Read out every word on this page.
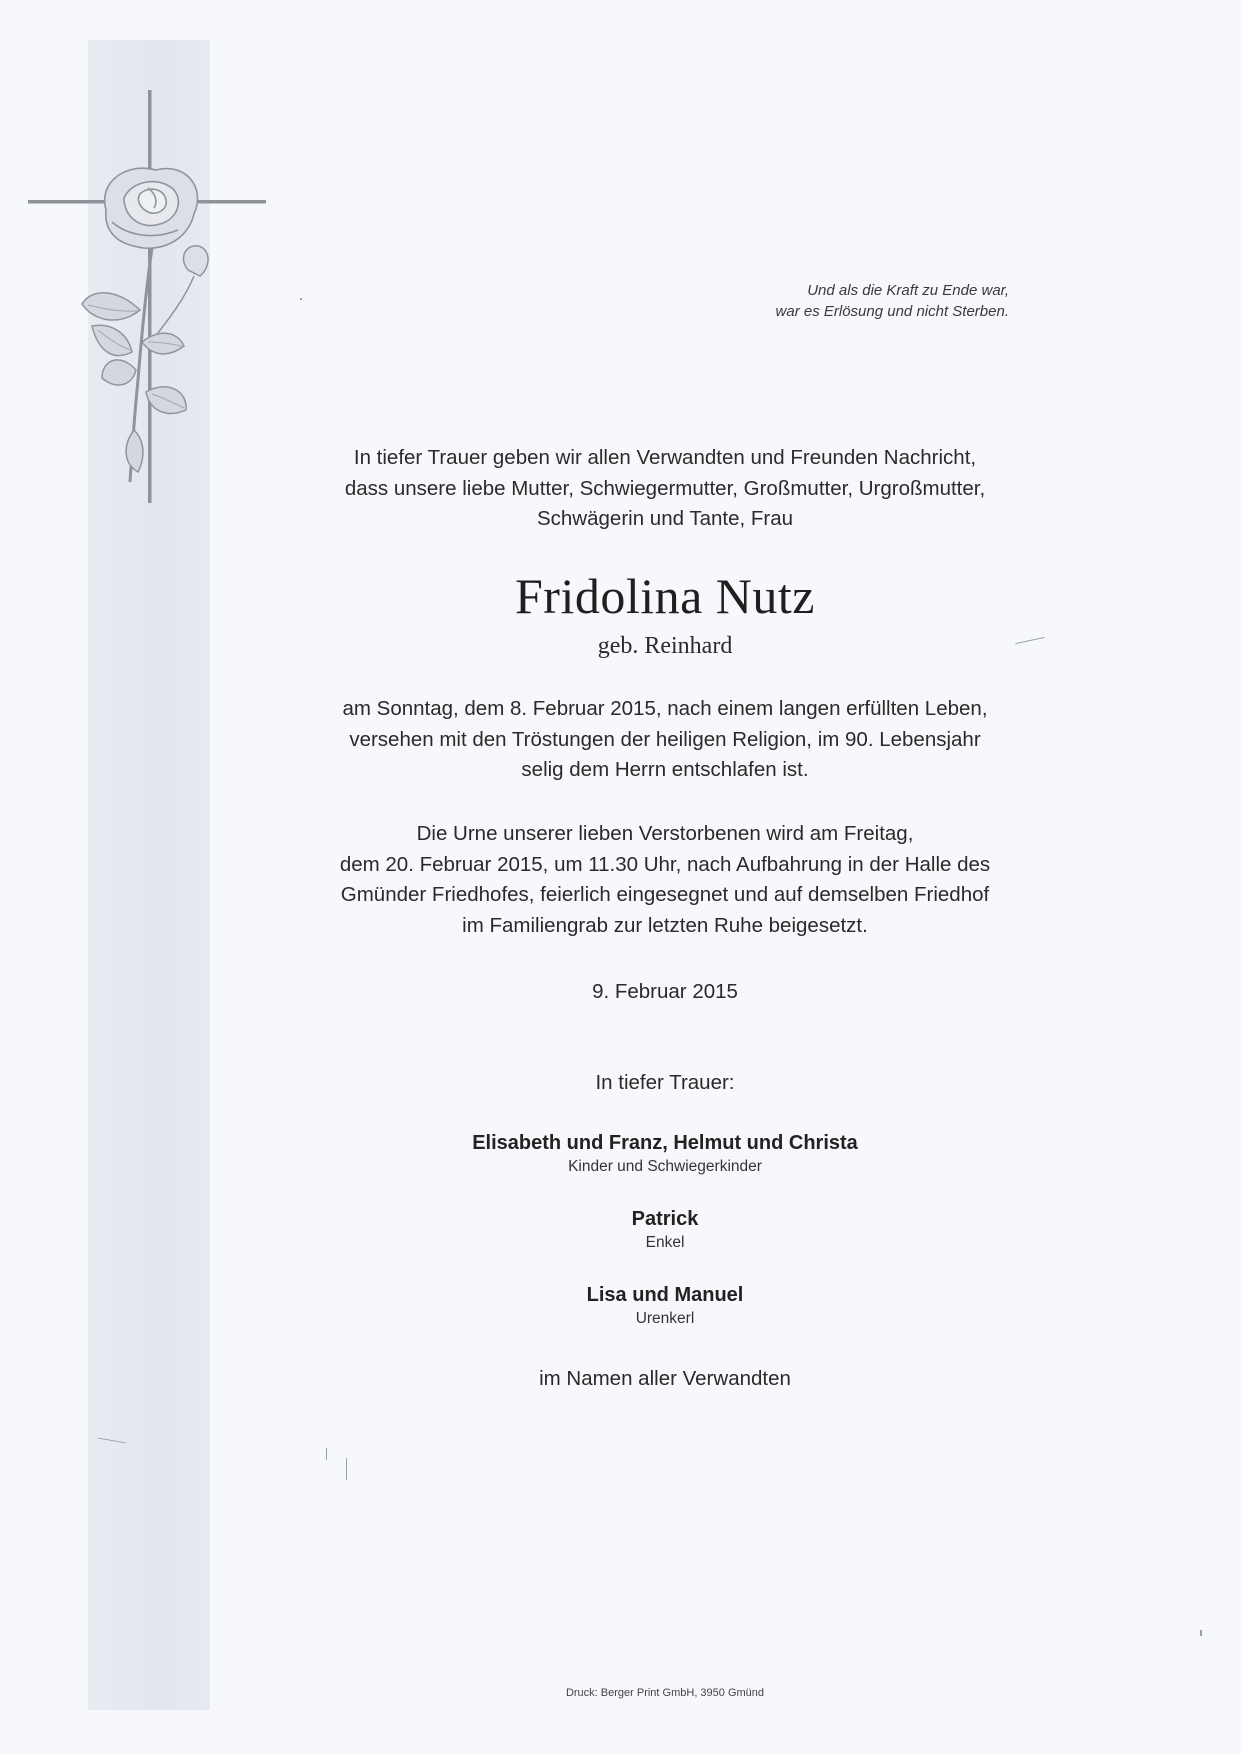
Und als die Kraft zu Ende war,
war es Erlösung und nicht Sterben.
In tiefer Trauer geben wir allen Verwandten und Freunden Nachricht,
dass unsere liebe Mutter, Schwiegermutter, Großmutter, Urgroßmutter,
Schwägerin und Tante, Frau
Fridolina Nutz
geb. Reinhard
am Sonntag, dem 8. Februar 2015, nach einem langen erfüllten Leben,
versehen mit den Tröstungen der heiligen Religion, im 90. Lebensjahr
selig dem Herrn entschlafen ist.
Die Urne unserer lieben Verstorbenen wird am Freitag,
dem 20. Februar 2015, um 11.30 Uhr, nach Aufbahrung in der Halle des
Gmünder Friedhofes, feierlich eingesegnet und auf demselben Friedhof
im Familiengrab zur letzten Ruhe beigesetzt.
9. Februar 2015
In tiefer Trauer:
Elisabeth und Franz, Helmut und Christa
Kinder und Schwiegerkinder
Patrick
Enkel
Lisa und Manuel
Urenkerl
im Namen aller Verwandten
Druck: Berger Print GmbH, 3950 Gmünd
